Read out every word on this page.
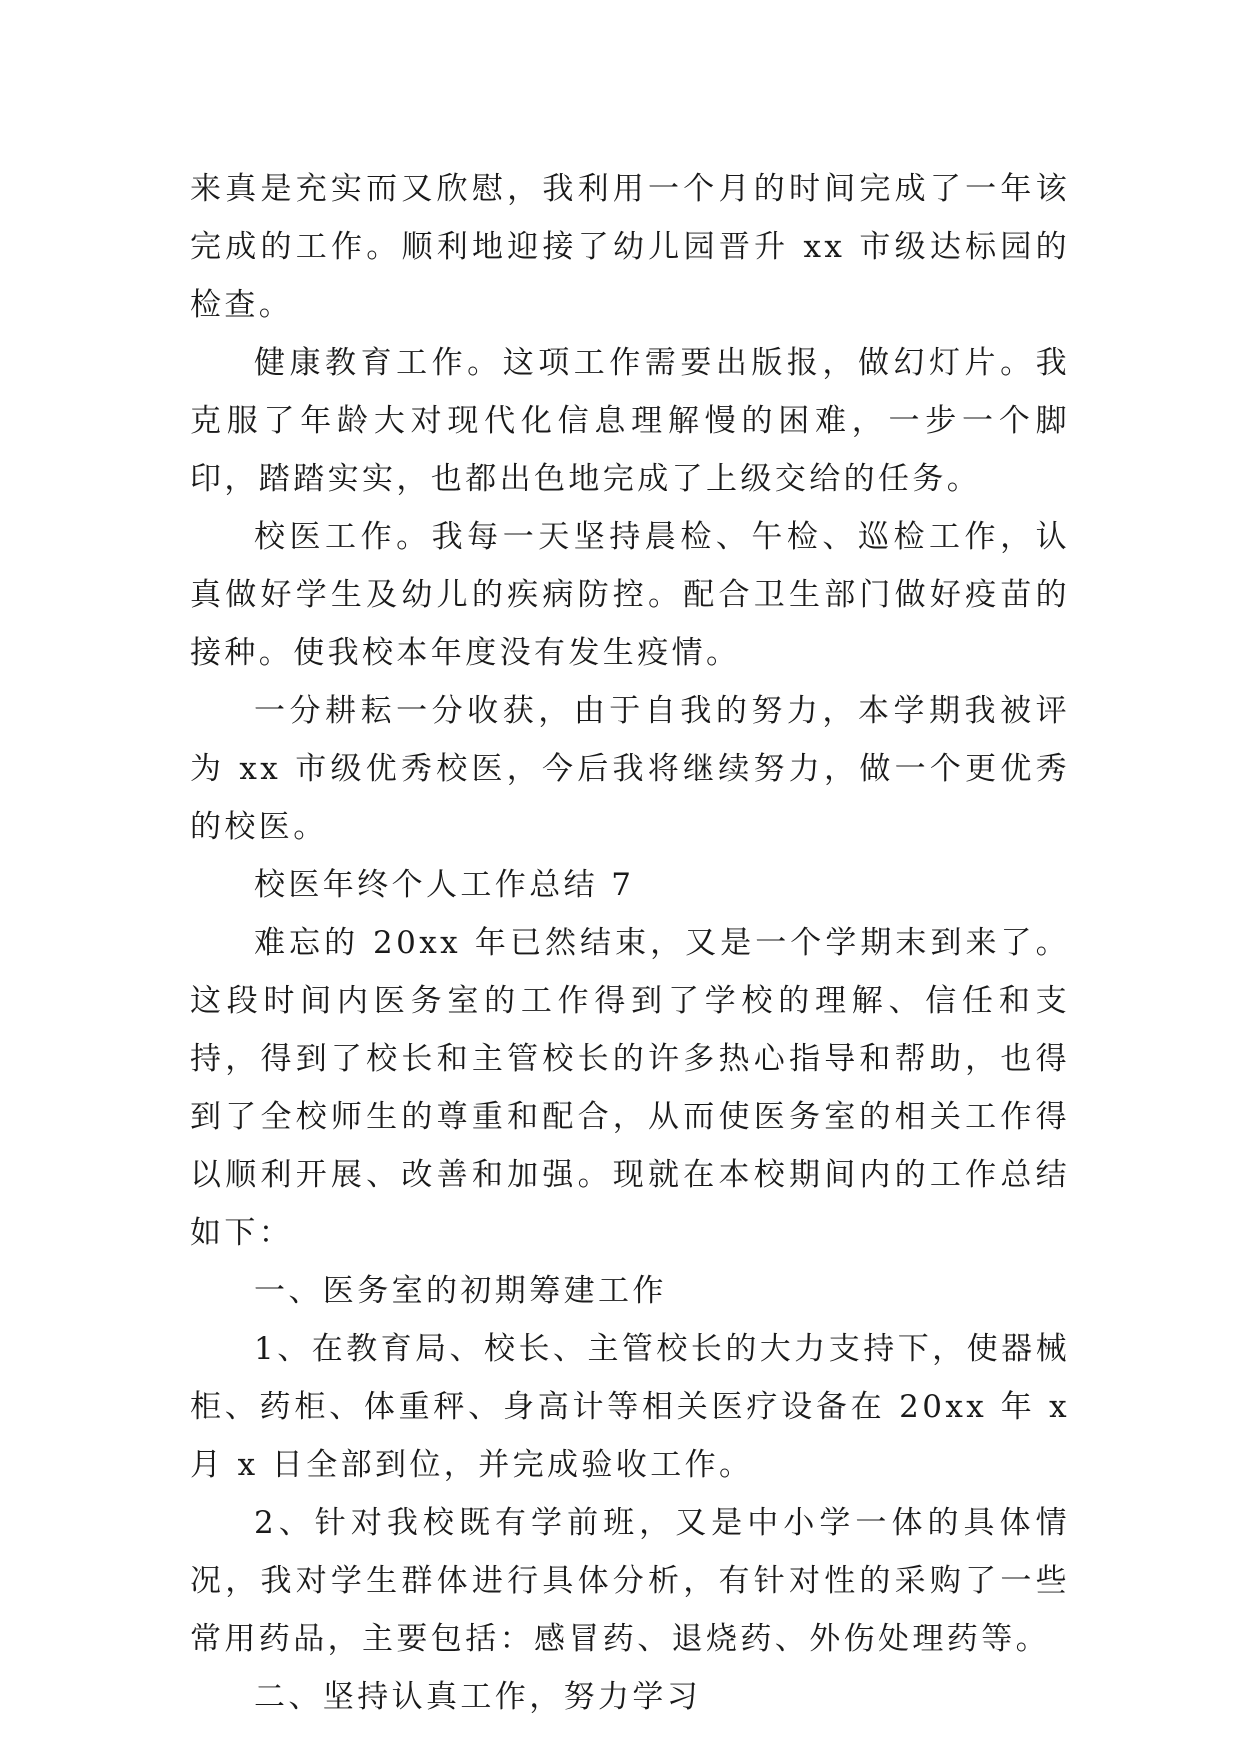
来真是充实而又欣慰，我利用一个月的时间完成了一年该完成的工作。顺利地迎接了幼儿园晋升 xx 市级达标园的检查。

健康教育工作。这项工作需要出版报，做幻灯片。我克服了年龄大对现代化信息理解慢的困难，一步一个脚印，踏踏实实，也都出色地完成了上级交给的任务。

校医工作。我每一天坚持晨检、午检、巡检工作，认真做好学生及幼儿的疾病防控。配合卫生部门做好疫苗的接种。使我校本年度没有发生疫情。

一分耕耘一分收获，由于自我的努力，本学期我被评为 xx 市级优秀校医，今后我将继续努力，做一个更优秀的校医。

校医年终个人工作总结 7

难忘的 20xx 年已然结束，又是一个学期末到来了。这段时间内医务室的工作得到了学校的理解、信任和支持，得到了校长和主管校长的许多热心指导和帮助，也得到了全校师生的尊重和配合，从而使医务室的相关工作得以顺利开展、改善和加强。现就在本校期间内的工作总结如下：

一、医务室的初期筹建工作

1、在教育局、校长、主管校长的大力支持下，使器械柜、药柜、体重秤、身高计等相关医疗设备在 20xx 年 x 月 x 日全部到位，并完成验收工作。

2、针对我校既有学前班，又是中小学一体的具体情况，我对学生群体进行具体分析，有针对性的采购了一些常用药品，主要包括：感冒药、退烧药、外伤处理药等。

二、坚持认真工作，努力学习
